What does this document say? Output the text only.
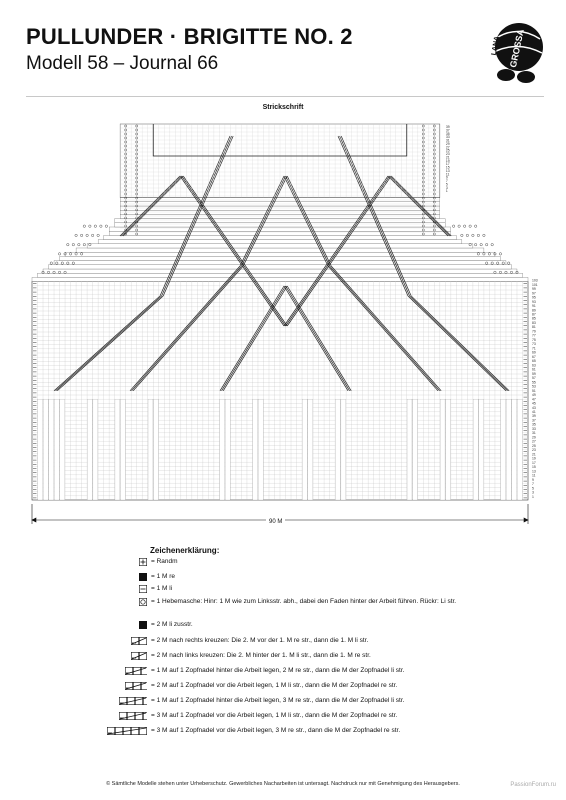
PULLUNDER · BRIGITTE NO. 2
Modell 58 – Journal 66
LANA GROSSA
Strickschrift
39
37
35
33
31
29
27
25
23
21
19
17
15
13
11
9
7
5
3
1
103
101
99
97
95
93
91
89
87
85
83
81
79
77
75
73
71
69
67
65
63
61
59
57
55
53
51
49
47
45
43
41
39
37
35
33
31
29
27
25
23
21
19
17
15
13
11
9
7
5
3
1
90 M
Zeichenerklärung:
= Randm
= 1 M re
= 1 M li
= 1 Hebemasche: Hinr: 1 M wie zum Linksstr. abh., dabei den Faden hinter der Arbeit führen. Rückr: Li str.
= 2 M li zusstr.
= 2 M nach rechts kreuzen: Die 2. M vor der 1. M re str., dann die 1. M li str.
= 2 M nach links kreuzen: Die 2. M hinter der 1. M li str., dann die 1. M re str.
= 1 M auf 1 Zopfnadel hinter die Arbeit legen, 2 M re str., dann die M der Zopfnadel li str.
= 2 M auf 1 Zopfnadel vor die Arbeit legen, 1 M li str., dann die M der Zopfnadel re str.
= 1 M auf 1 Zopfnadel hinter die Arbeit legen, 3 M re str., dann die M der Zopfnadel li str.
= 3 M auf 1 Zopfnadel vor die Arbeit legen, 1 M li str., dann die M der Zopfnadel re str.
= 3 M auf 1 Zopfnadel vor die Arbeit legen, 3 M re str., dann die M der Zopfnadel re str.
© Sämtliche Modelle stehen unter Urheberschutz. Gewerbliches Nacharbeiten ist untersagt. Nachdruck nur mit Genehmigung des Herausgebers.	PassionForum.ru
